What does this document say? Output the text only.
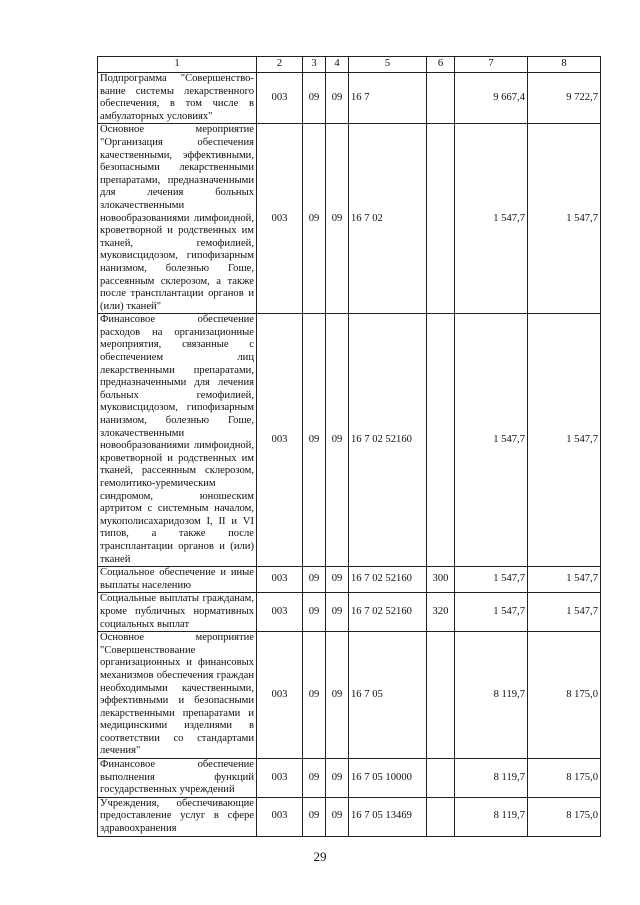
1	2	3	4	5	6	7	8
Подпрограмма "Совершенство-вание системы лекарственного обеспечения, в том числе в амбулаторных условиях"	003	09	09	16 7		9 667,4	9 722,7
Основное мероприятие "Организация обеспечения качественными, эффективными, безопасными лекарственными препаратами, предназначенными для лечения больных злокачественными новообразованиями лимфоидной, кроветворной и родственных им тканей, гемофилией, муковисцидозом, гипофизарным нанизмом, болезнью Гоше, рассеянным склерозом, а также после трансплантации органов и (или) тканей"	003	09	09	16 7 02		1 547,7	1 547,7
Финансовое обеспечение расходов на организационные мероприятия, связанные с обеспечением лиц лекарственными препаратами, предназначенными для лечения больных гемофилией, муковисцидозом, гипофизарным нанизмом, болезнью Гоше, злокачественными новообразованиями лимфоидной, кроветворной и родственных им тканей, рассеянным склерозом, гемолитико-уремическим синдромом, юношеским артритом с системным началом, мукополисахаридозом I, II и VI типов, а также после трансплантации органов и (или) тканей	003	09	09	16 7 02 52160		1 547,7	1 547,7
Социальное обеспечение и иные выплаты населению	003	09	09	16 7 02 52160	300	1 547,7	1 547,7
Социальные выплаты гражданам, кроме публичных нормативных социальных выплат	003	09	09	16 7 02 52160	320	1 547,7	1 547,7
Основное мероприятие "Совершенствование организационных и финансовых механизмов обеспечения граждан необходимыми качественными, эффективными и безопасными лекарственными препаратами и медицинскими изделиями в соответствии со стандартами лечения"	003	09	09	16 7 05		8 119,7	8 175,0
Финансовое обеспечение выполнения функций государственных учреждений	003	09	09	16 7 05 10000		8 119,7	8 175,0
Учреждения, обеспечивающие предоставление услуг в сфере здравоохранения	003	09	09	16 7 05 13469		8 119,7	8 175,0
29
